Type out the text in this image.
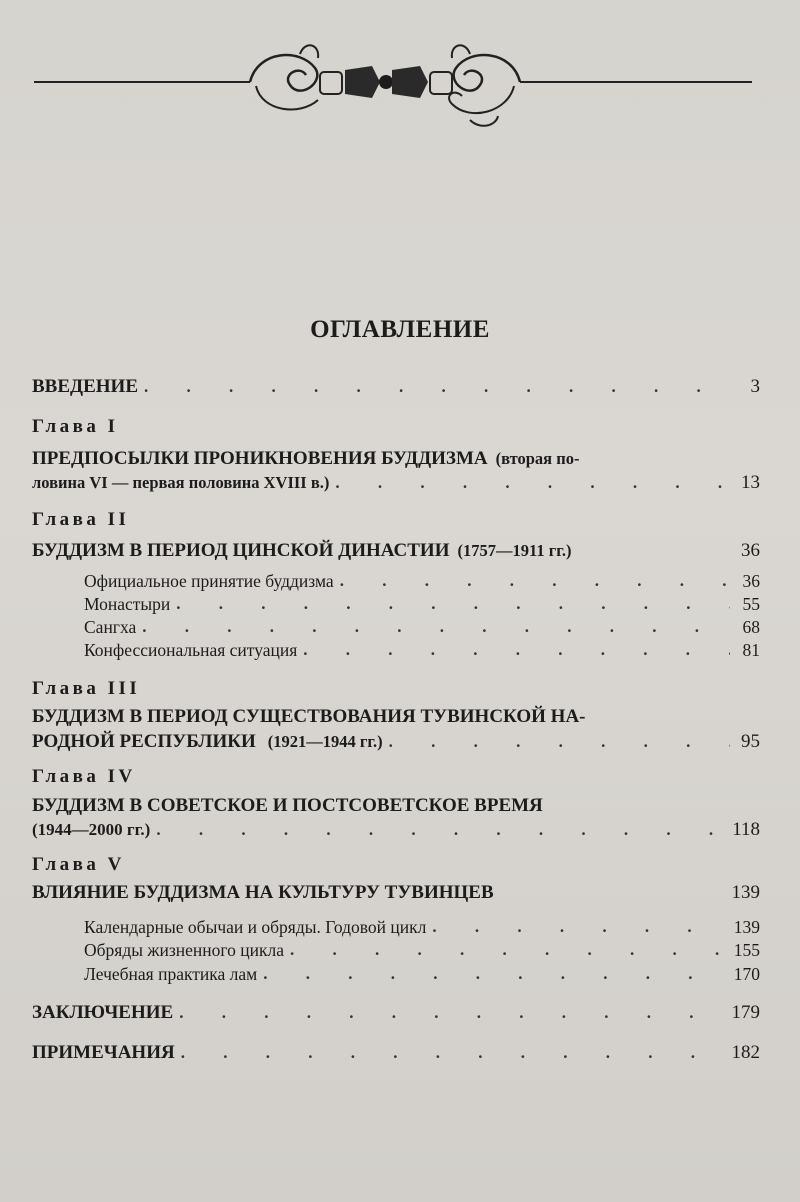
ОГЛАВЛЕНИЕ
ВВЕДЕНИЕ . . .	3
Глава I
ПРЕДПОСЫЛКИ ПРОНИКНОВЕНИЯ БУДДИЗМА (вторая по-
ловина VI — первая половина XVIII в.) . . .	13
Глава II
БУДДИЗМ В ПЕРИОД ЦИНСКОЙ ДИНАСТИИ (1757—1911 гг.)	36
Официальное принятие буддизма . . .	36
Монастыри . . .	55
Сангха . . .	68
Конфессиональная ситуация . . .	81
Глава III
БУДДИЗМ В ПЕРИОД СУЩЕСТВОВАНИЯ ТУВИНСКОЙ НА-
РОДНОЙ РЕСПУБЛИКИ (1921—1944 гг.) . . .	95
Глава IV
БУДДИЗМ В СОВЕТСКОЕ И ПОСТСОВЕТСКОЕ ВРЕМЯ
(1944—2000 гг.) . . .	118
Глава V
ВЛИЯНИЕ БУДДИЗМА НА КУЛЬТУРУ ТУВИНЦЕВ	139
Календарные обычаи и обряды. Годовой цикл . . .	139
Обряды жизненного цикла . . .	155
Лечебная практика лам . . .	170
ЗАКЛЮЧЕНИЕ . . .	179
ПРИМЕЧАНИЯ . . .	182
